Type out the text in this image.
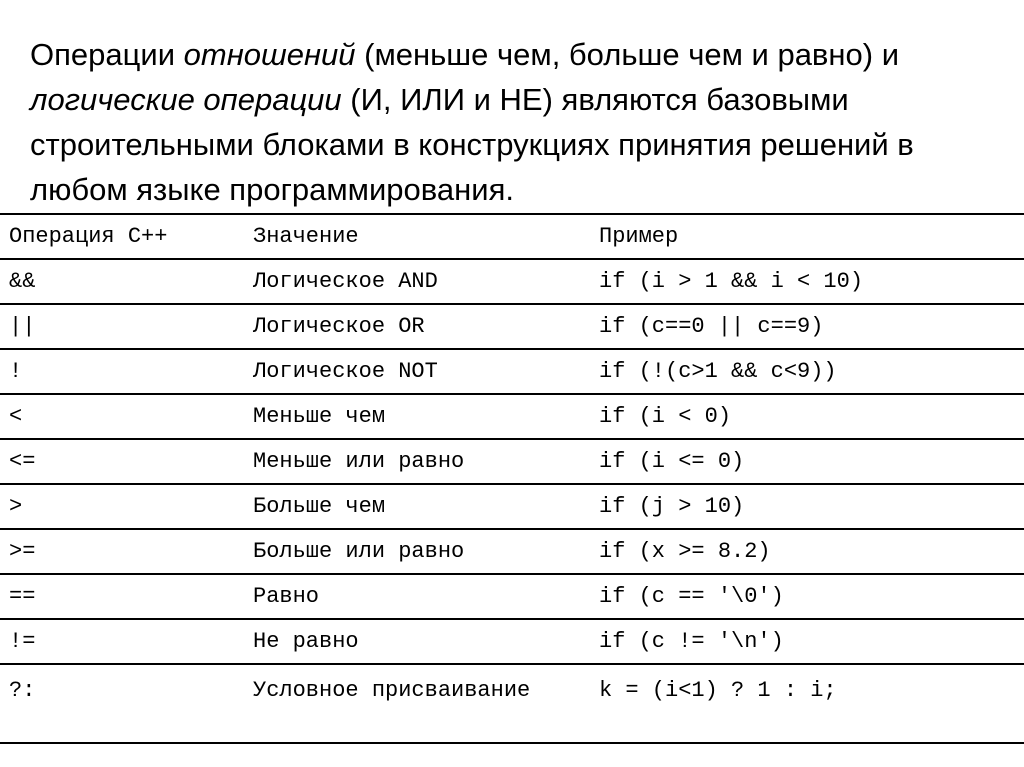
Операции отношений (меньше чем, больше чем и равно) и логические операции (И, ИЛИ и НЕ) являются базовыми строительными блоками в конструкциях принятия решений в любом языке программирования.

Операция C++	Значение	Пример
&&	Логическое AND	if (i > 1 && i < 10)
||	Логическое OR	if (c==0 || c==9)
!	Логическое NOT	if (!(c>1 && c<9))
<	Меньше чем	if (i < 0)
<=	Меньше или равно	if (i <= 0)
>	Больше чем	if (j > 10)
>=	Больше или равно	if (x >= 8.2)
==	Равно	if (c == '\0')
!=	Не равно	if (c != '\n')
?:	Условное присваивание	k = (i<1) ? 1 : i;
